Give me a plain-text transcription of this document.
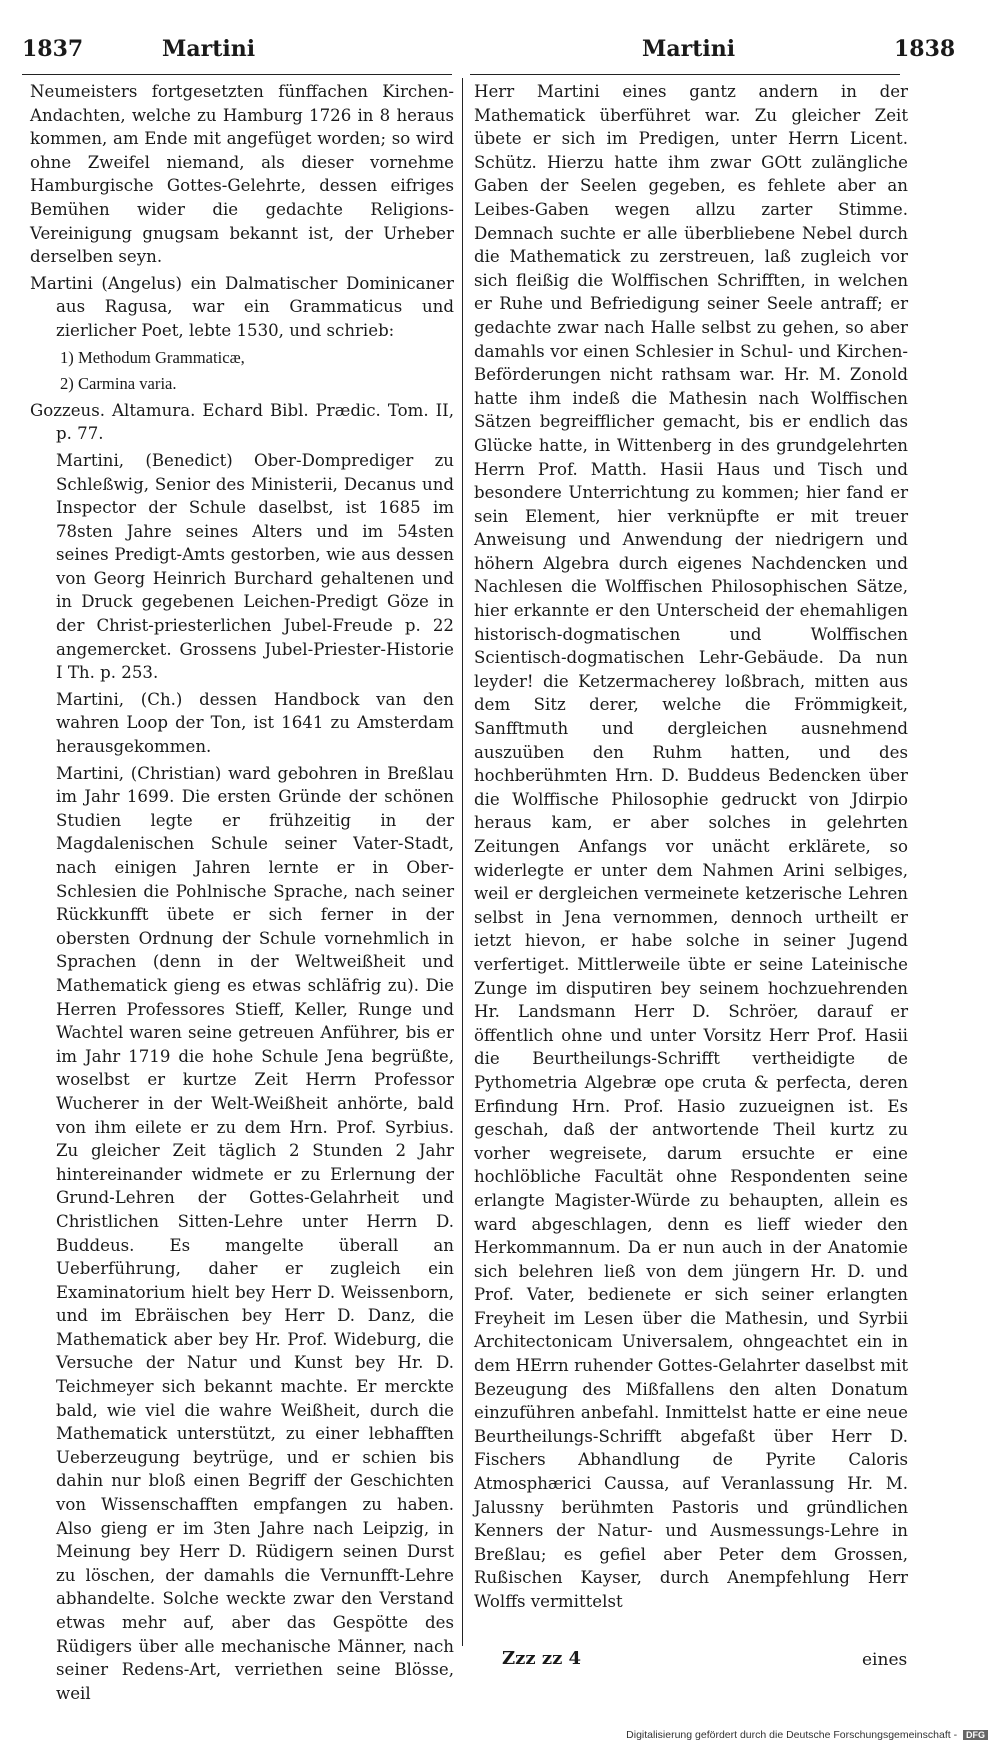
1837	Martini	Martini	1838

Neumeisters fortgesetzten fünffachen Kirchen-Andachten, welche zu Hamburg 1726 in 8 heraus kommen, am Ende mit angefüget worden; so wird ohne Zweifel niemand, als dieser vornehme Hamburgische Gottes-Gelehrte, dessen eifriges Bemühen wider die gedachte Religions-Vereinigung gnugsam bekannt ist, der Urheber derselben seyn.

Martini (Angelus) ein Dalmatischer Dominicaner aus Ragusa, war ein Grammaticus und zierlicher Poet, lebte 1530, und schrieb:

1) Methodum Grammaticæ,

2) Carmina varia.

Gozzeus. Altamura. Echard Bibl. Prædic. Tom. II, p. 77.

Martini, (Benedict) Ober-Domprediger zu Schleßwig, Senior des Ministerii, Decanus und Inspector der Schule daselbst, ist 1685 im 78sten Jahre seines Alters und im 54sten seines Predigt-Amts gestorben, wie aus dessen von Georg Heinrich Burchard gehaltenen und in Druck gegebenen Leichen-Predigt Göze in der Christ-priesterlichen Jubel-Freude p. 22 angemercket. Grossens Jubel-Priester-Historie I Th. p. 253.

Martini, (Ch.) dessen Handbock van den wahren Loop der Ton, ist 1641 zu Amsterdam herausgekommen.

Martini, (Christian) ward gebohren in Breßlau im Jahr 1699. Die ersten Gründe der schönen Studien legte er frühzeitig in der Magdalenischen Schule seiner Vater-Stadt, nach einigen Jahren lernte er in Ober-Schlesien die Pohlnische Sprache, nach seiner Rückkunfft übete er sich ferner in der obersten Ordnung der Schule vornehmlich in Sprachen (denn in der Weltweißheit und Mathematick gieng es etwas schläfrig zu). Die Herren Professores Stieff, Keller, Runge und Wachtel waren seine getreuen Anführer, bis er im Jahr 1719 die hohe Schule Jena begrüßte, woselbst er kurtze Zeit Herrn Professor Wucherer in der Welt-Weißheit anhörte, bald von ihm eilete er zu dem Hrn. Prof. Syrbius. Zu gleicher Zeit täglich 2 Stunden 2 Jahr hintereinander widmete er zu Erlernung der Grund-Lehren der Gottes-Gelahrheit und Christlichen Sitten-Lehre unter Herrn D. Buddeus. Es mangelte überall an Ueberführung, daher er zugleich ein Examinatorium hielt bey Herr D. Weissenborn, und im Ebräischen bey Herr D. Danz, die Mathematick aber bey Hr. Prof. Wideburg, die Versuche der Natur und Kunst bey Hr. D. Teichmeyer sich bekannt machte. Er merckte bald, wie viel die wahre Weißheit, durch die Mathematick unterstützt, zu einer lebhafften Ueberzeugung beytrüge, und er schien bis dahin nur bloß einen Begriff der Geschichten von Wissenschafften empfangen zu haben. Also gieng er im 3ten Jahre nach Leipzig, in Meinung bey Herr D. Rüdigern seinen Durst zu löschen, der damahls die Vernunfft-Lehre abhandelte. Solche weckte zwar den Verstand etwas mehr auf, aber das Gespötte des Rüdigers über alle mechanische Männer, nach seiner Redens-Art, verriethen seine Blösse, weil

Herr Martini eines gantz andern in der Mathematick überführet war. Zu gleicher Zeit übete er sich im Predigen, unter Herrn Licent. Schütz. Hierzu hatte ihm zwar GOtt zulängliche Gaben der Seelen gegeben, es fehlete aber an Leibes-Gaben wegen allzu zarter Stimme. Demnach suchte er alle überbliebene Nebel durch die Mathematick zu zerstreuen, laß zugleich vor sich fleißig die Wolffischen Schrifften, in welchen er Ruhe und Befriedigung seiner Seele antraff; er gedachte zwar nach Halle selbst zu gehen, so aber damahls vor einen Schlesier in Schul- und Kirchen-Beförderungen nicht rathsam war. Hr. M. Zonold hatte ihm indeß die Mathesin nach Wolffischen Sätzen begreifflicher gemacht, bis er endlich das Glücke hatte, in Wittenberg in des grundgelehrten Herrn Prof. Matth. Hasii Haus und Tisch und besondere Unterrichtung zu kommen; hier fand er sein Element, hier verknüpfte er mit treuer Anweisung und Anwendung der niedrigern und höhern Algebra durch eigenes Nachdencken und Nachlesen die Wolffischen Philosophischen Sätze, hier erkannte er den Unterscheid der ehemahligen historisch-dogmatischen und Wolffischen Scientisch-dogmatischen Lehr-Gebäude. Da nun leyder! die Ketzermacherey loßbrach, mitten aus dem Sitz derer, welche die Frömmigkeit, Sanfftmuth und dergleichen ausnehmend auszuüben den Ruhm hatten, und des hochberühmten Hrn. D. Buddeus Bedencken über die Wolffische Philosophie gedruckt von Jdirpio heraus kam, er aber solches in gelehrten Zeitungen Anfangs vor unächt erklärete, so widerlegte er unter dem Nahmen Arini selbiges, weil er dergleichen vermeinete ketzerische Lehren selbst in Jena vernommen, dennoch urtheilt er ietzt hievon, er habe solche in seiner Jugend verfertiget. Mittlerweile übte er seine Lateinische Zunge im disputiren bey seinem hochzuehrenden Hr. Landsmann Herr D. Schröer, darauf er öffentlich ohne und unter Vorsitz Herr Prof. Hasii die Beurtheilungs-Schrifft vertheidigte de Pythometria Algebræ ope cruta & perfecta, deren Erfindung Hrn. Prof. Hasio zuzueignen ist. Es geschah, daß der antwortende Theil kurtz zu vorher wegreisete, darum ersuchte er eine hochlöbliche Facultät ohne Respondenten seine erlangte Magister-Würde zu behaupten, allein es ward abgeschlagen, denn es lieff wieder den Herkommannum. Da er nun auch in der Anatomie sich belehren ließ von dem jüngern Hr. D. und Prof. Vater, bedienete er sich seiner erlangten Freyheit im Lesen über die Mathesin, und Syrbii Architectonicam Universalem, ohngeachtet ein in dem HErrn ruhender Gottes-Gelahrter daselbst mit Bezeugung des Mißfallens den alten Donatum einzuführen anbefahl. Inmittelst hatte er eine neue Beurtheilungs-Schrifft abgefaßt über Herr D. Fischers Abhandlung de Pyrite Caloris Atmosphærici Caussa, auf Veranlassung Hr. M. Jalussny berühmten Pastoris und gründlichen Kenners der Natur- und Ausmessungs-Lehre in Breßlau; es gefiel aber Peter dem Grossen, Rußischen Kayser, durch Anempfehlung Herr Wolffs vermittelst

Zzz zz 4	eines
Digitalisierung gefördert durch die Deutsche Forschungsgemeinschaft - DFG
